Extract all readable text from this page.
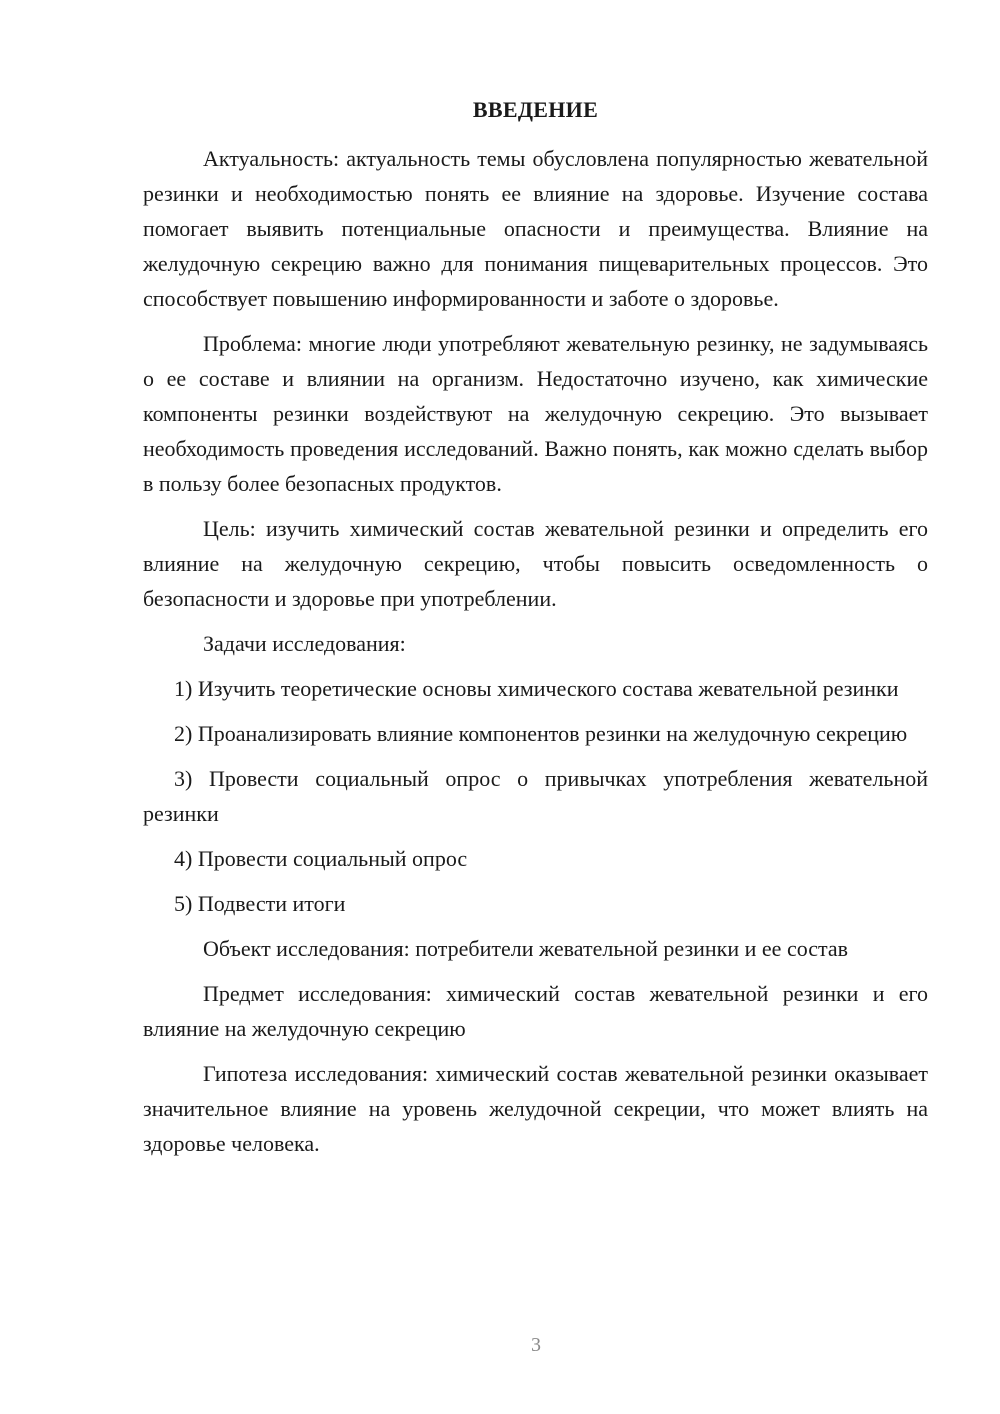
ВВЕДЕНИЕ

Актуальность: актуальность темы обусловлена популярностью жевательной резинки и необходимостью понять ее влияние на здоровье. Изучение состава помогает выявить потенциальные опасности и преимущества. Влияние на желудочную секрецию важно для понимания пищеварительных процессов. Это способствует повышению информированности и заботе о здоровье.

Проблема: многие люди употребляют жевательную резинку, не задумываясь о ее составе и влиянии на организм. Недостаточно изучено, как химические компоненты резинки воздействуют на желудочную секрецию. Это вызывает необходимость проведения исследований. Важно понять, как можно сделать выбор в пользу более безопасных продуктов.

Цель: изучить химический состав жевательной резинки и определить его влияние на желудочную секрецию, чтобы повысить осведомленность о безопасности и здоровье при употреблении.

Задачи исследования:

1) Изучить теоретические основы химического состава жевательной резинки

2) Проанализировать влияние компонентов резинки на желудочную секрецию

3) Провести социальный опрос о привычках употребления жевательной резинки

4) Провести социальный опрос

5) Подвести итоги

Объект исследования: потребители жевательной резинки и ее состав

Предмет исследования: химический состав жевательной резинки и его влияние на желудочную секрецию

Гипотеза исследования: химический состав жевательной резинки оказывает значительное влияние на уровень желудочной секреции, что может влиять на здоровье человека.

3
